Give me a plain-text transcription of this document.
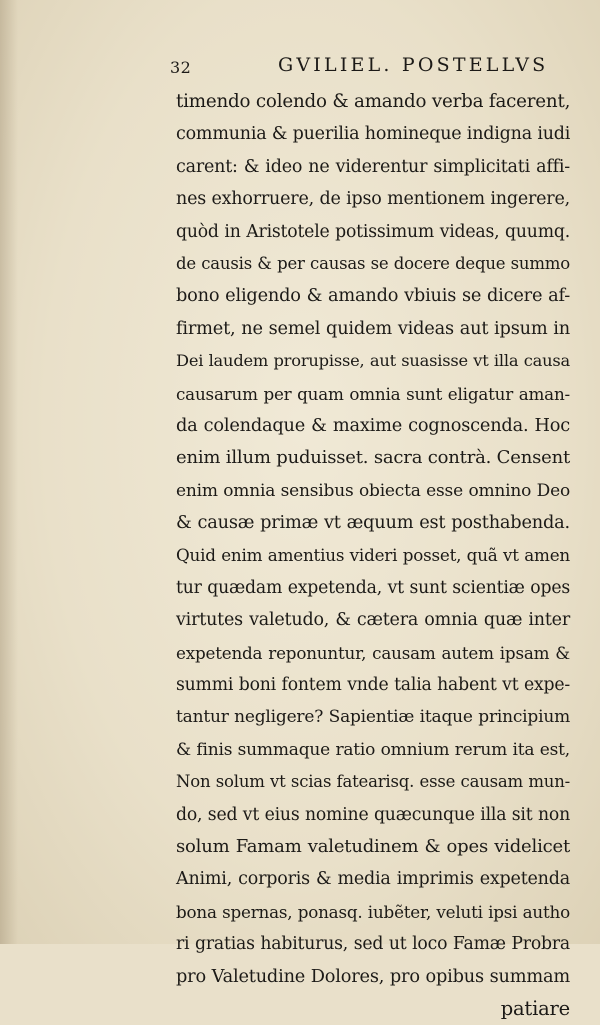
32	GVILIEL. POSTELLVS
timendo colendo & amando verba facerent,
communia & puerilia homineque indigna iudi
carent: & ideo ne viderentur simplicitati affi-
nes exhorruere, de ipso mentionem ingerere,
quòd in Aristotele potissimum videas, quumq.
de causis & per causas se docere deque summo
bono eligendo & amando vbiuis se dicere af-
firmet, ne semel quidem videas aut ipsum in
Dei laudem prorupisse, aut suasisse vt illa causa
causarum per quam omnia sunt eligatur aman-
da colendaque & maxime cognoscenda. Hoc
enim illum puduisset. sacra contrà. Censent
enim omnia sensibus obiecta esse omnino Deo
& causæ primæ vt æquum est posthabenda.
Quid enim amentius videri posset, quã vt amen
tur quædam expetenda, vt sunt scientiæ opes
virtutes valetudo, & cætera omnia quæ inter
expetenda reponuntur, causam autem ipsam &
summi boni fontem vnde talia habent vt expe-
tantur negligere? Sapientiæ itaque principium
& finis summaque ratio omnium rerum ita est,
Non solum vt scias fatearisq. esse causam mun-
do, sed vt eius nomine quæcunque illa sit non
solum Famam valetudinem & opes videlicet
Animi, corporis & media imprimis expetenda
bona spernas, ponasq. iubẽter, veluti ipsi autho
ri gratias habiturus, sed ut loco Famæ Probra
pro Valetudine Dolores, pro opibus summam
patiare
